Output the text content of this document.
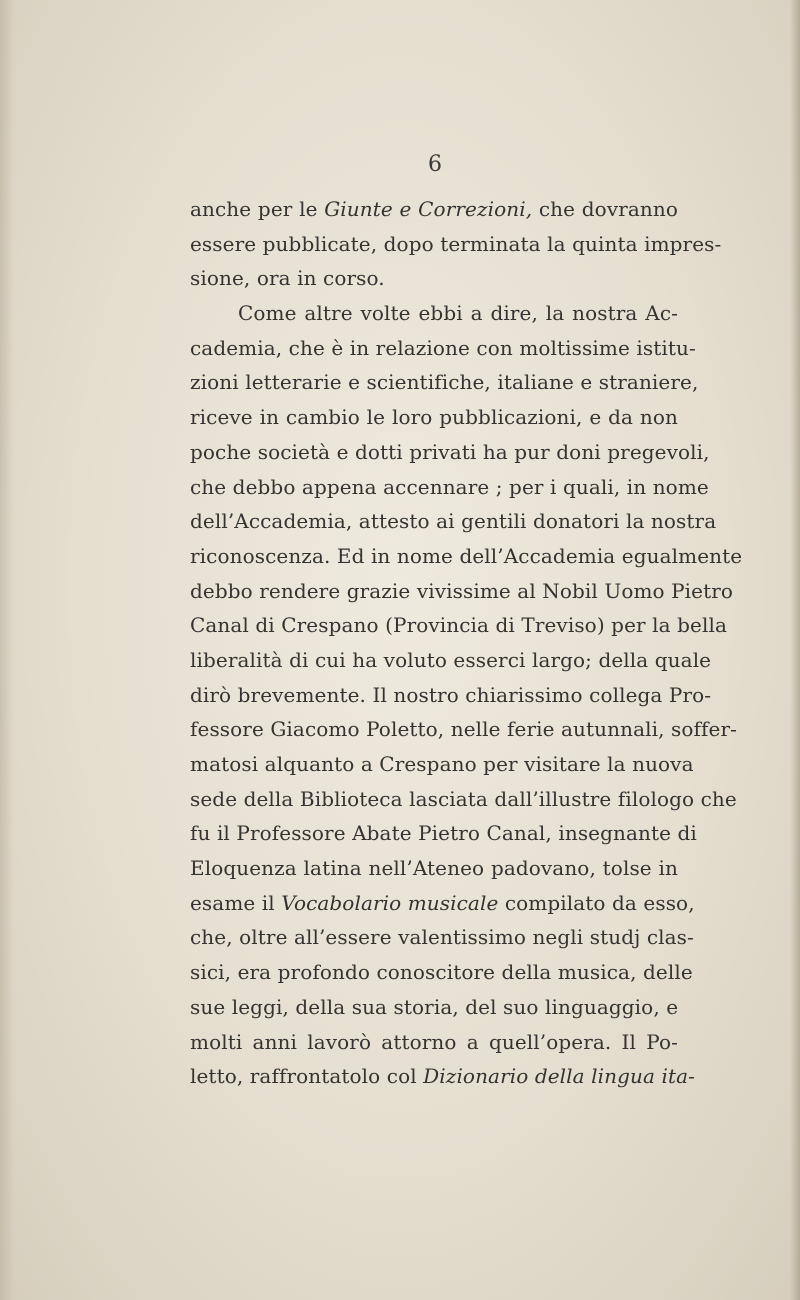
6
anche per le Giunte e Correzioni, che dovranno
essere pubblicate, dopo terminata la quinta impres-
sione, ora in corso.
Come altre volte ebbi a dire, la nostra Ac-
cademia, che è in relazione con moltissime istitu-
zioni letterarie e scientifiche, italiane e straniere,
riceve in cambio le loro pubblicazioni, e da non
poche società e dotti privati ha pur doni pregevoli,
che debbo appena accennare ; per i quali, in nome
dell’Accademia, attesto ai gentili donatori la nostra
riconoscenza. Ed in nome dell’Accademia egualmente
debbo rendere grazie vivissime al Nobil Uomo Pietro
Canal di Crespano (Provincia di Treviso) per la bella
liberalità di cui ha voluto esserci largo; della quale
dirò brevemente. Il nostro chiarissimo collega Pro-
fessore Giacomo Poletto, nelle ferie autunnali, soffer-
matosi alquanto a Crespano per visitare la nuova
sede della Biblioteca lasciata dall’illustre filologo che
fu il Professore Abate Pietro Canal, insegnante di
Eloquenza latina nell’Ateneo padovano, tolse in
esame il Vocabolario musicale compilato da esso,
che, oltre all’essere valentissimo negli studj clas-
sici, era profondo conoscitore della musica, delle
sue leggi, della sua storia, del suo linguaggio, e
molti anni lavorò attorno a quell’opera. Il Po-
letto, raffrontatolo col Dizionario della lingua ita-
